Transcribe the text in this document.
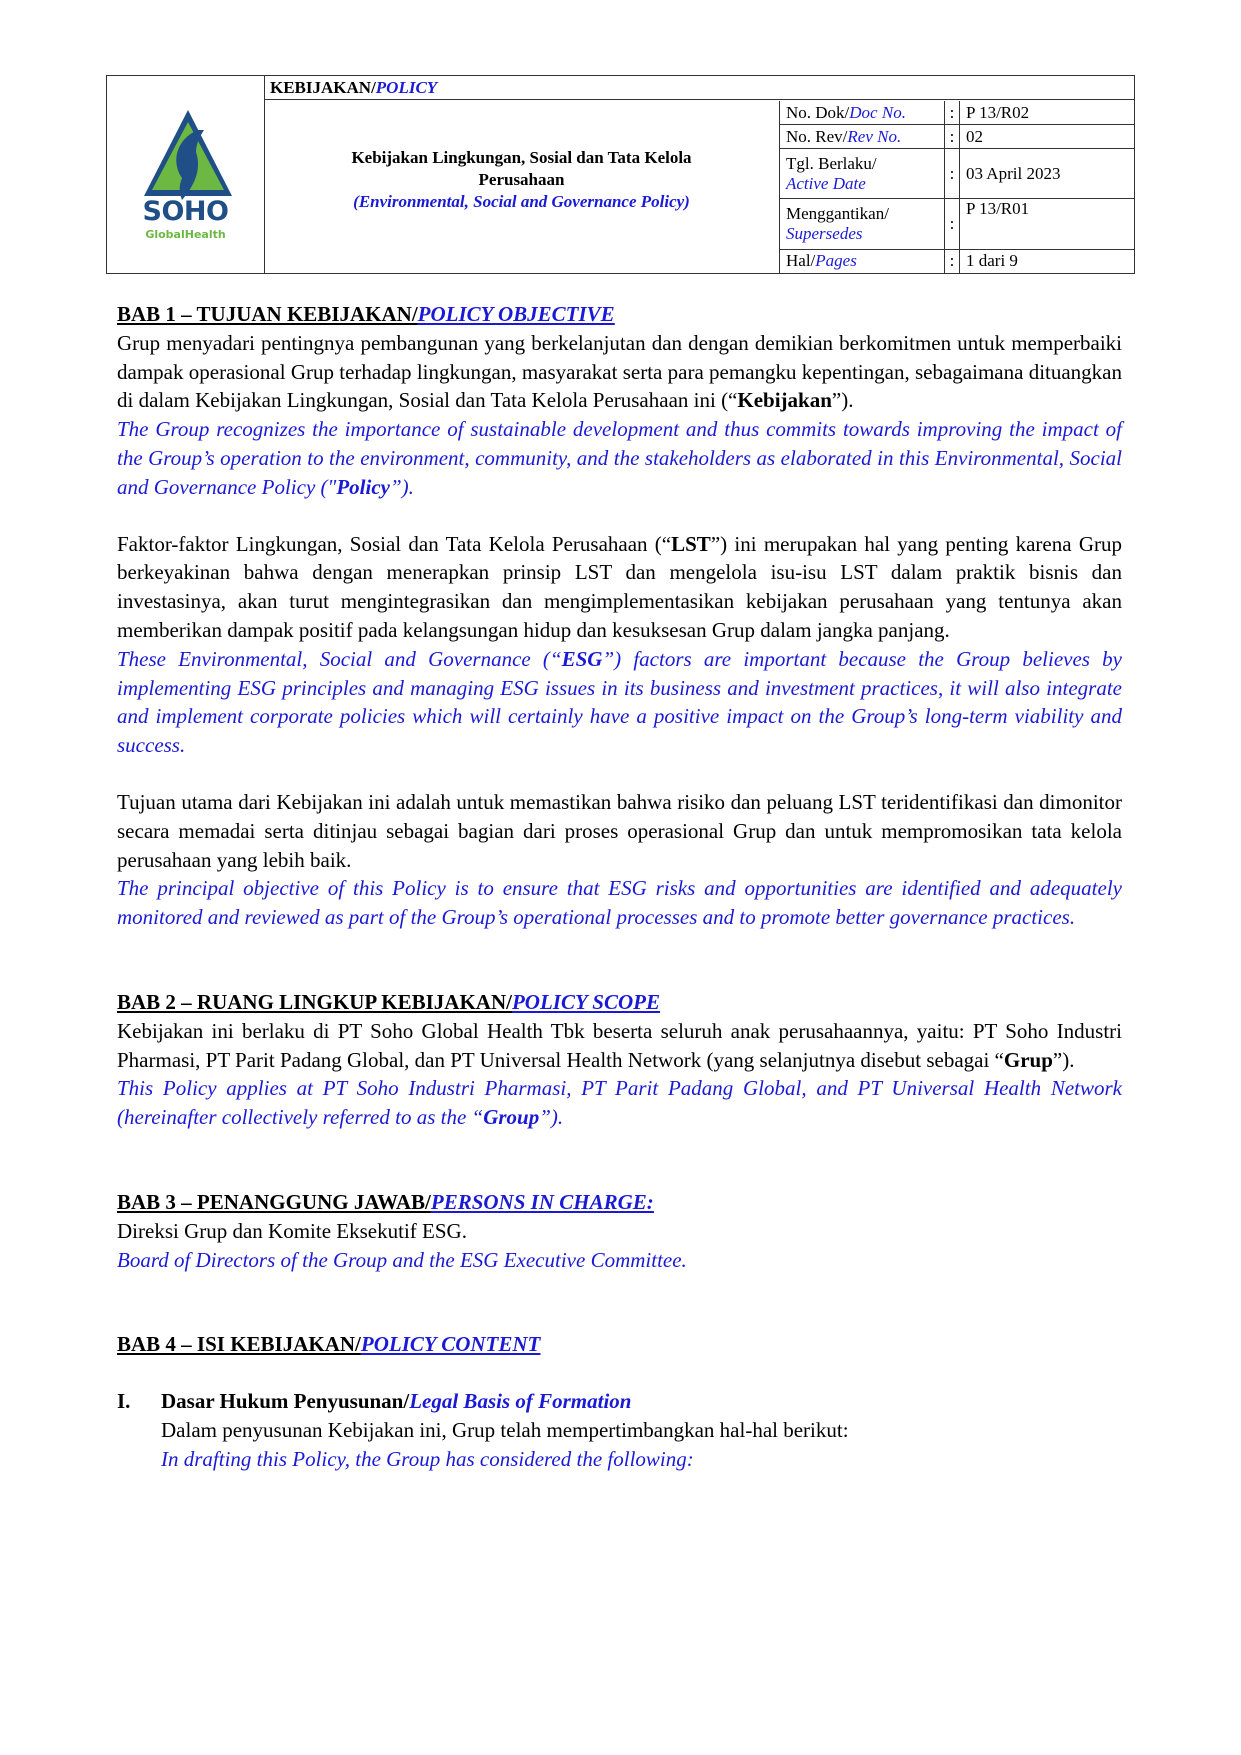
SOHO
GlobalHealth
KEBIJAKAN/POLICY
Kebijakan Lingkungan, Sosial dan Tata Kelola
Perusahaan
(Environmental, Social and Governance Policy)
No. Dok/Doc No.	:	P 13/R02
No. Rev/Rev No.	:	02
Tgl. Berlaku/
Active Date	:	03 April 2023
Menggantikan/
Supersedes	:	P 13/R01
Hal/Pages	:	1 dari 9
BAB 1 – TUJUAN KEBIJAKAN/POLICY OBJECTIVE

Grup menyadari pentingnya pembangunan yang berkelanjutan dan dengan demikian berkomitmen untuk memperbaiki dampak operasional Grup terhadap lingkungan, masyarakat serta para pemangku kepentingan, sebagaimana dituangkan di dalam Kebijakan Lingkungan, Sosial dan Tata Kelola Perusahaan ini (“Kebijakan”).

The Group recognizes the importance of sustainable development and thus commits towards improving the impact of the Group’s operation to the environment, community, and the stakeholders as elaborated in this Environmental, Social and Governance Policy ("Policy”).

Faktor-faktor Lingkungan, Sosial dan Tata Kelola Perusahaan (“LST”) ini merupakan hal yang penting karena Grup berkeyakinan bahwa dengan menerapkan prinsip LST dan mengelola isu-isu LST dalam praktik bisnis dan investasinya, akan turut mengintegrasikan dan mengimplementasikan kebijakan perusahaan yang tentunya akan memberikan dampak positif pada kelangsungan hidup dan kesuksesan Grup dalam jangka panjang.

These Environmental, Social and Governance (“ESG”) factors are important because the Group believes by implementing ESG principles and managing ESG issues in its business and investment practices, it will also integrate and implement corporate policies which will certainly have a positive impact on the Group’s long-term viability and success.

Tujuan utama dari Kebijakan ini adalah untuk memastikan bahwa risiko dan peluang LST teridentifikasi dan dimonitor secara memadai serta ditinjau sebagai bagian dari proses operasional Grup dan untuk mempromosikan tata kelola perusahaan yang lebih baik.

The principal objective of this Policy is to ensure that ESG risks and opportunities are identified and adequately monitored and reviewed as part of the Group’s operational processes and to promote better governance practices.

BAB 2 – RUANG LINGKUP KEBIJAKAN/POLICY SCOPE

Kebijakan ini berlaku di PT Soho Global Health Tbk beserta seluruh anak perusahaannya, yaitu: PT Soho Industri Pharmasi, PT Parit Padang Global, dan PT Universal Health Network (yang selanjutnya disebut sebagai “Grup”).

This Policy applies at PT Soho Industri Pharmasi, PT Parit Padang Global, and PT Universal Health Network (hereinafter collectively referred to as the “Group”).

BAB 3 – PENANGGUNG JAWAB/PERSONS IN CHARGE:

Direksi Grup dan Komite Eksekutif ESG.

Board of Directors of the Group and the ESG Executive Committee.

BAB 4 – ISI KEBIJAKAN/POLICY CONTENT
I.	Dasar Hukum Penyusunan/Legal Basis of Formation
Dalam penyusunan Kebijakan ini, Grup telah mempertimbangkan hal-hal berikut:
In drafting this Policy, the Group has considered the following:
